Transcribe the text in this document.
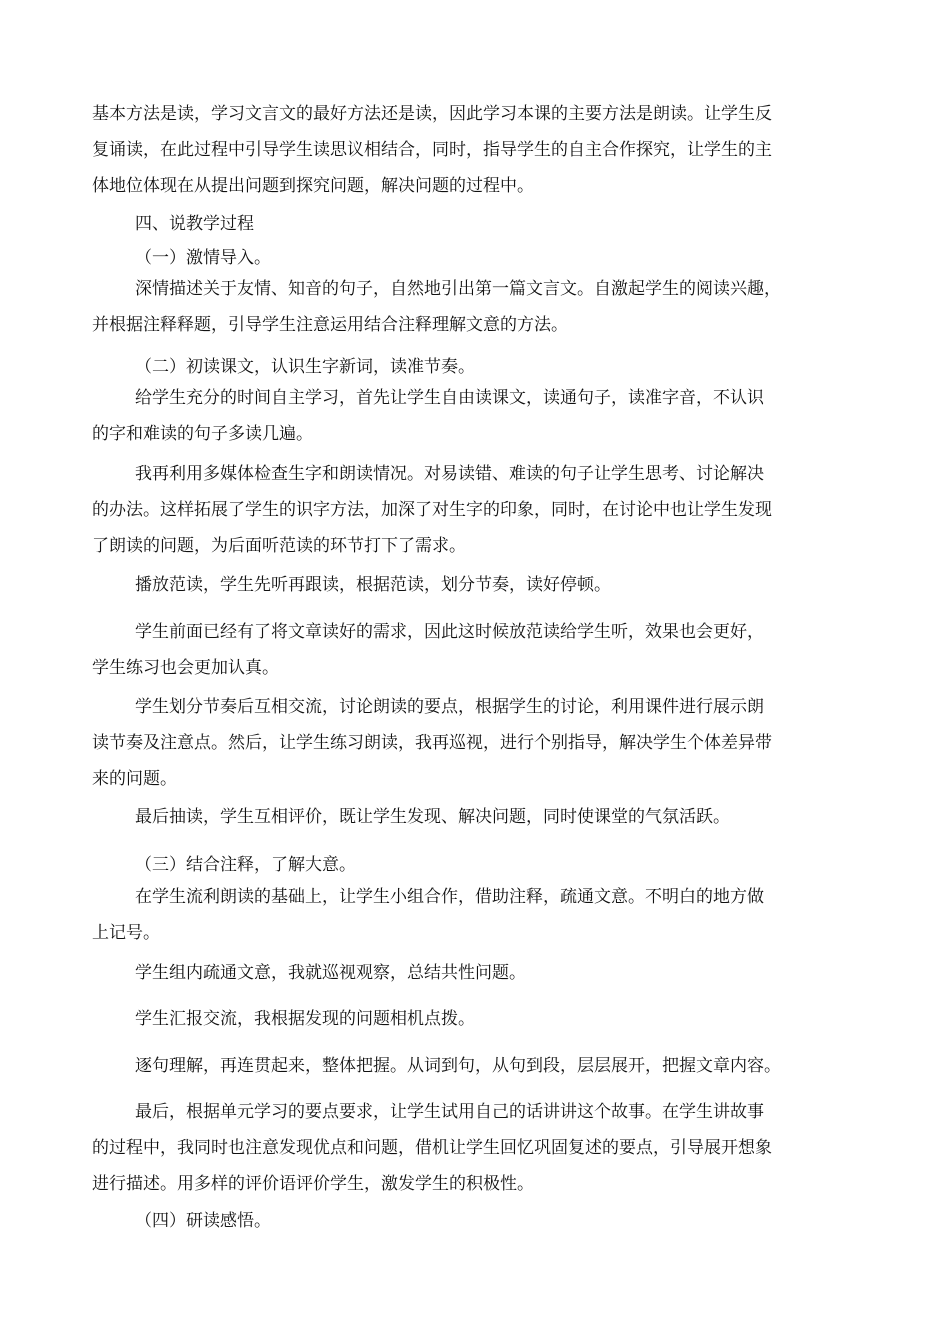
基本方法是读，学习文言文的最好方法还是读，因此学习本课的主要方法是朗读。让学生反
复诵读，在此过程中引导学生读思议相结合，同时，指导学生的自主合作探究，让学生的主
体地位体现在从提出问题到探究问题，解决问题的过程中。
四、说教学过程
（一）激情导入。
深情描述关于友情、知音的句子，自然地引出第一篇文言文。自激起学生的阅读兴趣，
并根据注释释题，引导学生注意运用结合注释理解文意的方法。
（二）初读课文，认识生字新词，读准节奏。
给学生充分的时间自主学习，首先让学生自由读课文，读通句子，读准字音，不认识
的字和难读的句子多读几遍。
我再利用多媒体检查生字和朗读情况。对易读错、难读的句子让学生思考、讨论解决
的办法。这样拓展了学生的识字方法，加深了对生字的印象，同时，在讨论中也让学生发现
了朗读的问题，为后面听范读的环节打下了需求。
播放范读，学生先听再跟读，根据范读，划分节奏，读好停顿。
学生前面已经有了将文章读好的需求，因此这时候放范读给学生听，效果也会更好，
学生练习也会更加认真。
学生划分节奏后互相交流，讨论朗读的要点，根据学生的讨论，利用课件进行展示朗
读节奏及注意点。然后，让学生练习朗读，我再巡视，进行个别指导，解决学生个体差异带
来的问题。
最后抽读，学生互相评价，既让学生发现、解决问题，同时使课堂的气氛活跃。
（三）结合注释，了解大意。
在学生流利朗读的基础上，让学生小组合作，借助注释，疏通文意。不明白的地方做
上记号。
学生组内疏通文意，我就巡视观察，总结共性问题。
学生汇报交流，我根据发现的问题相机点拨。
逐句理解，再连贯起来，整体把握。从词到句，从句到段，层层展开，把握文章内容。
最后，根据单元学习的要点要求，让学生试用自己的话讲讲这个故事。在学生讲故事
的过程中，我同时也注意发现优点和问题，借机让学生回忆巩固复述的要点，引导展开想象
进行描述。用多样的评价语评价学生，激发学生的积极性。
（四）研读感悟。
